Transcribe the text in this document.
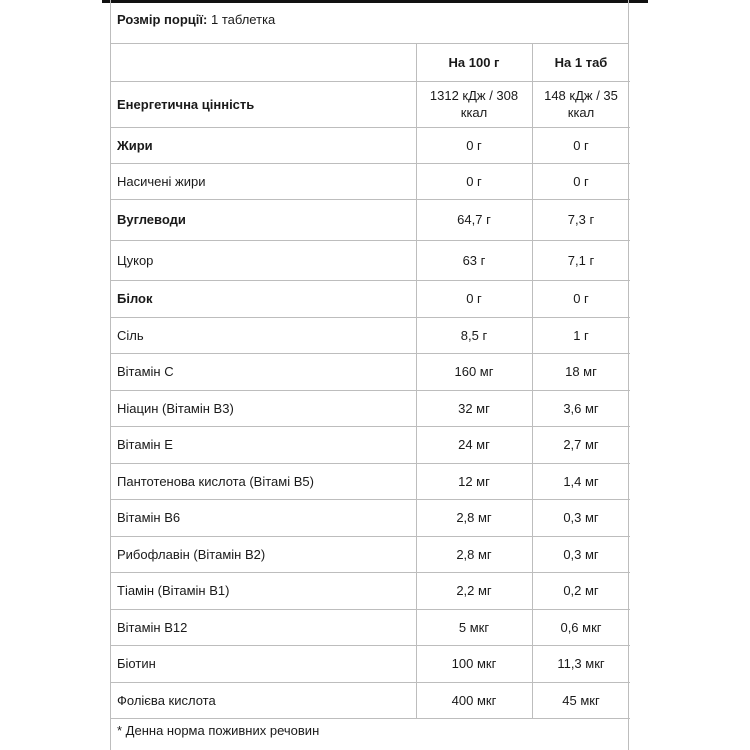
Розмір порції: 1 таблетка
	На 100 г	На 1 таб
Енергетична цінність	1312 кДж / 308 ккал	148 кДж / 35 ккал
Жири	0 г	0 г
Насичені жири	0 г	0 г
Вуглеводи	64,7 г	7,3 г
Цукор	63 г	7,1 г
Білок	0 г	0 г
Сіль	8,5 г	1 г
Вітамін C	160 мг	18 мг
Ніацин (Вітамін B3)	32 мг	3,6 мг
Вітамін E	24 мг	2,7 мг
Пантотенова кислота (Вітамі B5)	12 мг	1,4 мг
Вітамін B6	2,8 мг	0,3 мг
Рибофлавін (Вітамін B2)	2,8 мг	0,3 мг
Тіамін (Вітамін B1)	2,2 мг	0,2 мг
Вітамін B12	5 мкг	0,6 мкг
Біотин	100 мкг	11,3 мкг
Фолієва кислота	400 мкг	45 мкг
* Денна норма поживних речовин
